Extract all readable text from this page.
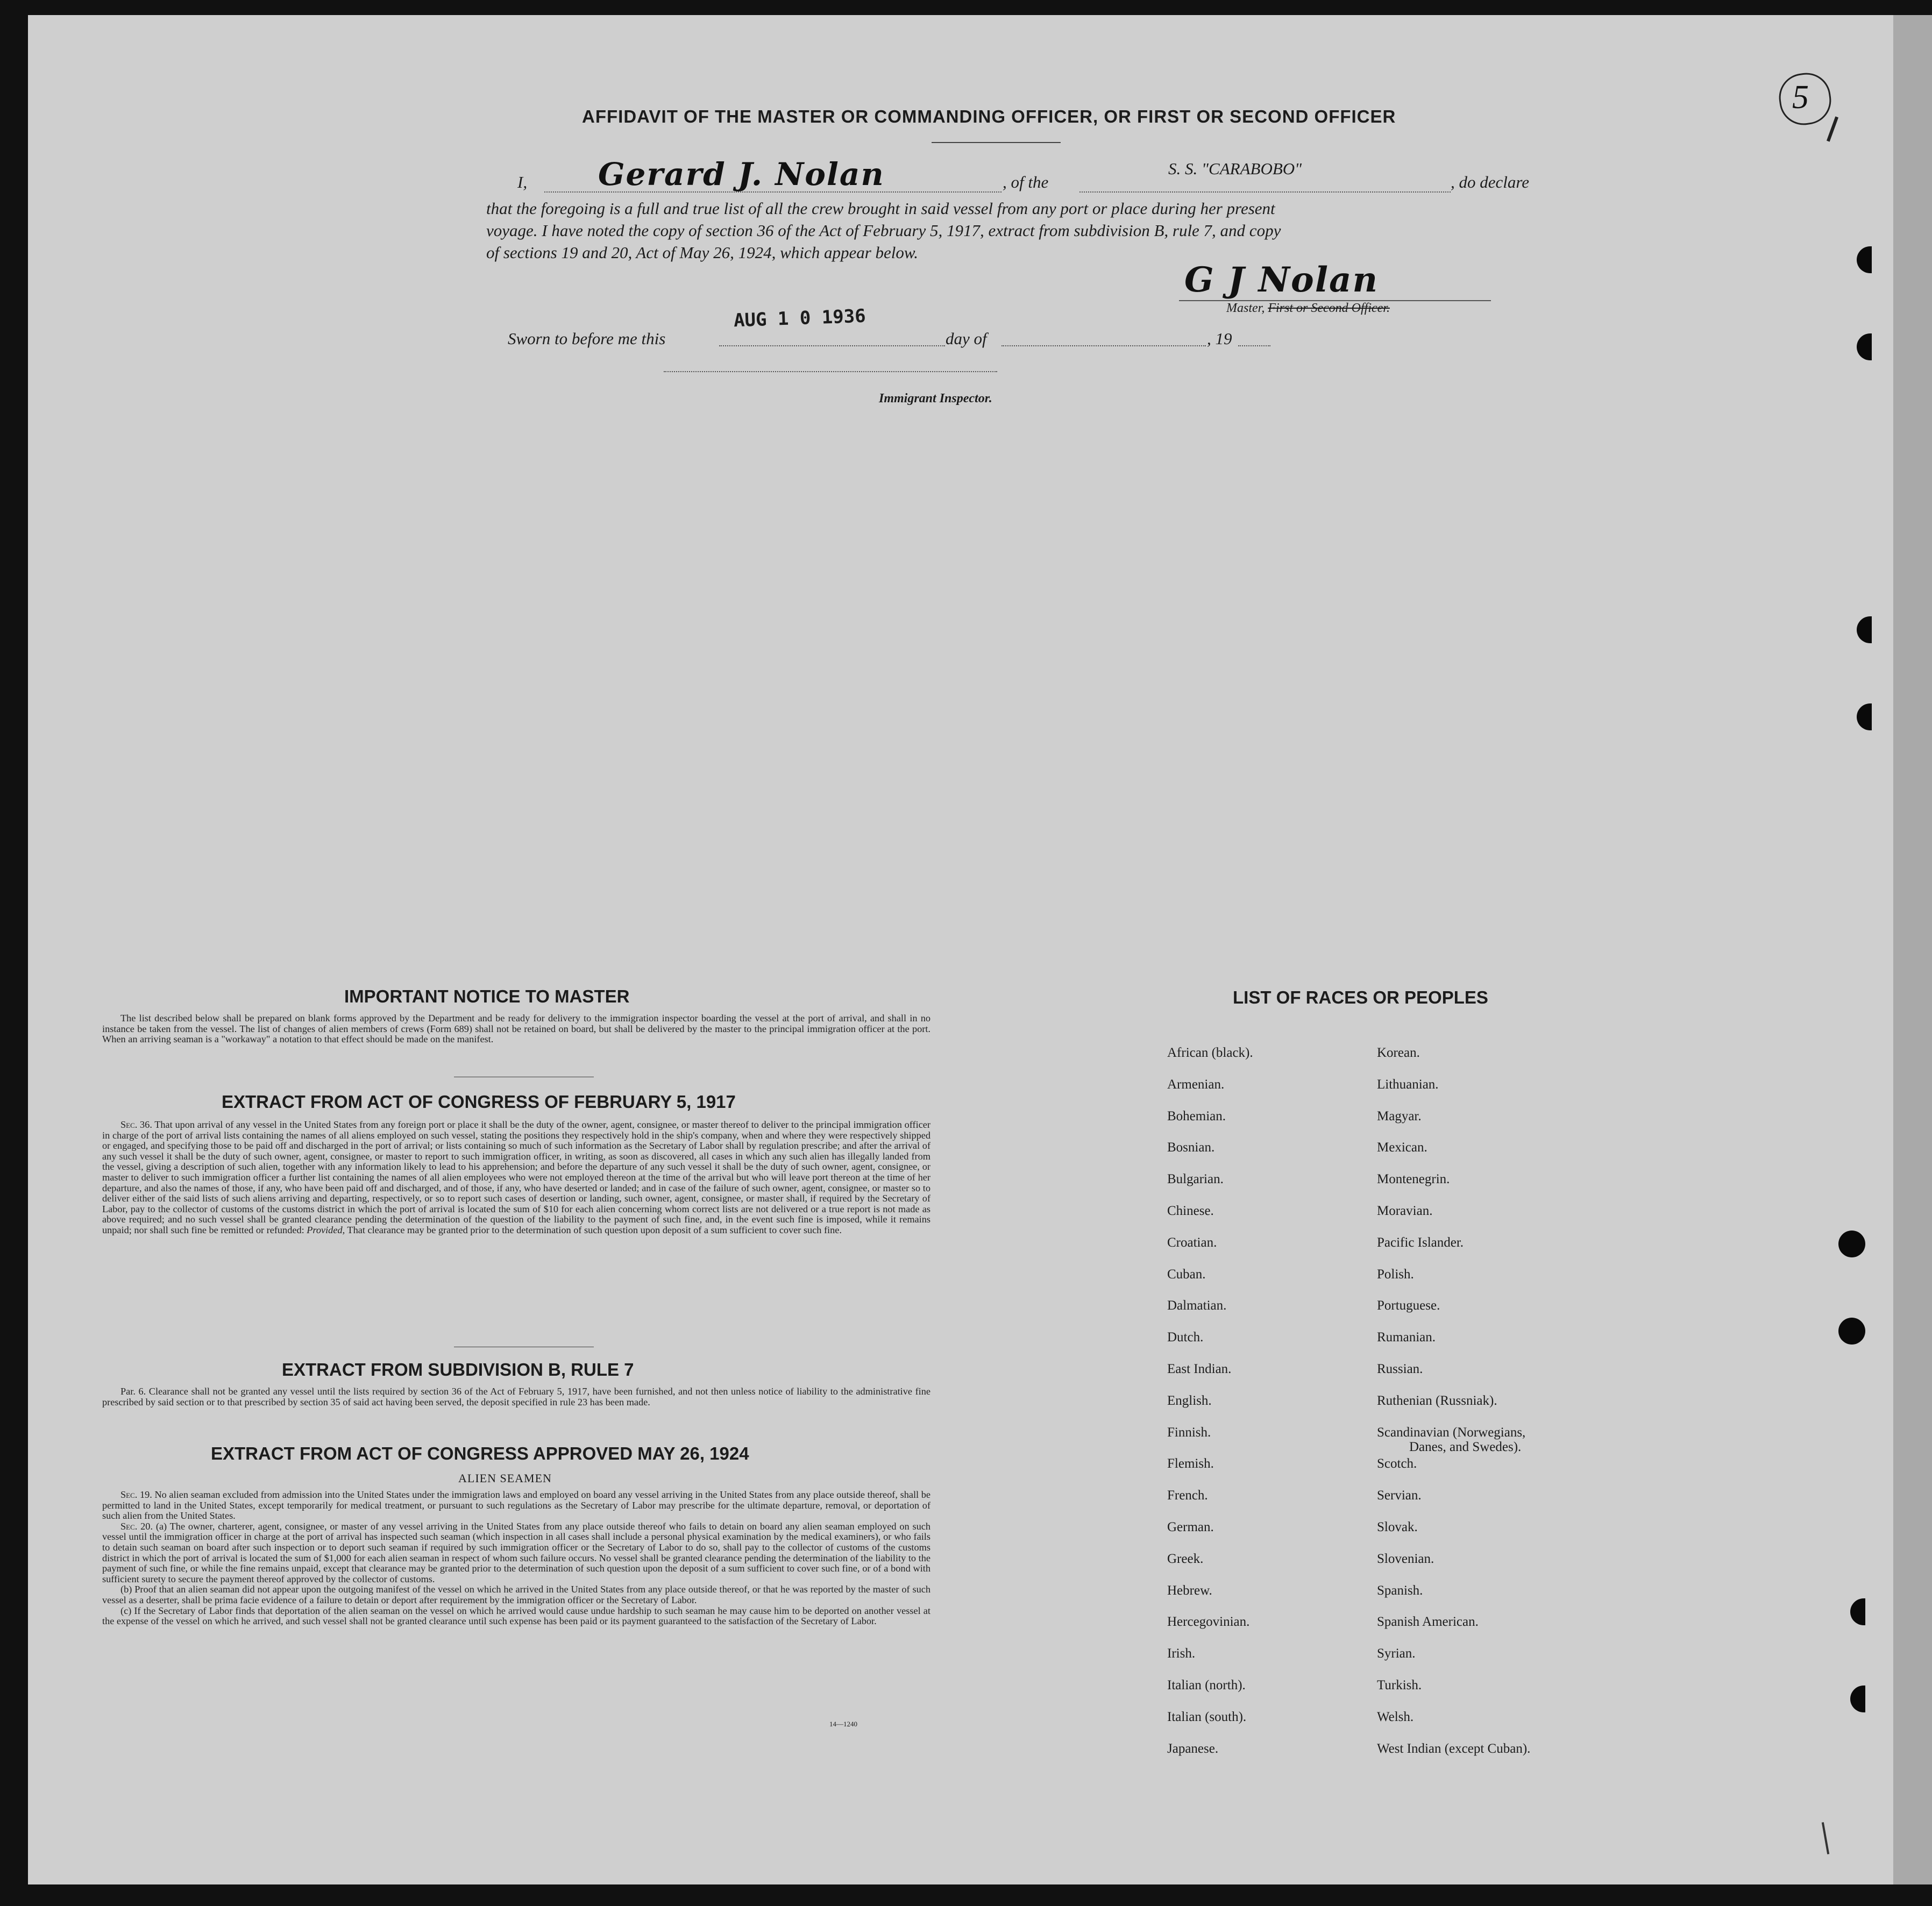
AFFIDAVIT OF THE MASTER OR COMMANDING OFFICER, OR FIRST OR SECOND OFFICER
I, Gerard J. Nolan	, of the
S. S. "CARABOBO"
, do declare
that the foregoing is a full and true list of all the crew brought in said vessel from any port or place during her present
voyage. I have noted the copy of section 36 of the Act of February 5, 1917, extract from subdivision B, rule 7, and copy
of sections 19 and 20, Act of May 26, 1924, which appear below.
G J Nolan
Master, First or Second Officer.
Sworn to before me this
AUG 1 0 1936
day of	, 19
Immigrant Inspector.
5
IMPORTANT NOTICE TO MASTER

The list described below shall be prepared on blank forms approved by the Department and be ready for delivery to the immigration inspector boarding the vessel at the port of arrival, and shall in no instance be taken from the vessel. The list of changes of alien members of crews (Form 689) shall not be retained on board, but shall be delivered by the master to the principal immigration officer at the port. When an arriving seaman is a "workaway" a notation to that effect should be made on the manifest.

EXTRACT FROM ACT OF CONGRESS OF FEBRUARY 5, 1917

Sec. 36. That upon arrival of any vessel in the United States from any foreign port or place it shall be the duty of the owner, agent, consignee, or master thereof to deliver to the principal immigration officer in charge of the port of arrival lists containing the names of all aliens employed on such vessel, stating the positions they respectively hold in the ship's company, when and where they were respectively shipped or engaged, and specifying those to be paid off and discharged in the port of arrival; or lists containing so much of such information as the Secretary of Labor shall by regulation prescribe; and after the arrival of any such vessel it shall be the duty of such owner, agent, consignee, or master to report to such immigration officer, in writing, as soon as discovered, all cases in which any such alien has illegally landed from the vessel, giving a description of such alien, together with any information likely to lead to his apprehension; and before the departure of any such vessel it shall be the duty of such owner, agent, consignee, or master to deliver to such immigration officer a further list containing the names of all alien employees who were not employed thereon at the time of the arrival but who will leave port thereon at the time of her departure, and also the names of those, if any, who have been paid off and discharged, and of those, if any, who have deserted or landed; and in case of the failure of such owner, agent, consignee, or master so to deliver either of the said lists of such aliens arriving and departing, respectively, or so to report such cases of desertion or landing, such owner, agent, consignee, or master shall, if required by the Secretary of Labor, pay to the collector of customs of the customs district in which the port of arrival is located the sum of $10 for each alien concerning whom correct lists are not delivered or a true report is not made as above required; and no such vessel shall be granted clearance pending the determination of the question of the liability to the payment of such fine, and, in the event such fine is imposed, while it remains unpaid; nor shall such fine be remitted or refunded: Provided, That clearance may be granted prior to the determination of such question upon deposit of a sum sufficient to cover such fine.

EXTRACT FROM SUBDIVISION B, RULE 7

Par. 6. Clearance shall not be granted any vessel until the lists required by section 36 of the Act of February 5, 1917, have been furnished, and not then unless notice of liability to the administrative fine prescribed by said section or to that prescribed by section 35 of said act having been served, the deposit specified in rule 23 has been made.

EXTRACT FROM ACT OF CONGRESS APPROVED MAY 26, 1924
ALIEN SEAMEN

Sec. 19. No alien seaman excluded from admission into the United States under the immigration laws and employed on board any vessel arriving in the United States from any place outside thereof, shall be permitted to land in the United States, except temporarily for medical treatment, or pursuant to such regulations as the Secretary of Labor may prescribe for the ultimate departure, removal, or deportation of such alien from the United States.

Sec. 20. (a) The owner, charterer, agent, consignee, or master of any vessel arriving in the United States from any place outside thereof who fails to detain on board any alien seaman employed on such vessel until the immigration officer in charge at the port of arrival has inspected such seaman (which inspection in all cases shall include a personal physical examination by the medical examiners), or who fails to detain such seaman on board after such inspection or to deport such seaman if required by such immigration officer or the Secretary of Labor to do so, shall pay to the collector of customs of the customs district in which the port of arrival is located the sum of $1,000 for each alien seaman in respect of whom such failure occurs. No vessel shall be granted clearance pending the determination of the liability to the payment of such fine, or while the fine remains unpaid, except that clearance may be granted prior to the determination of such question upon the deposit of a sum sufficient to cover such fine, or of a bond with sufficient surety to secure the payment thereof approved by the collector of customs.

(b) Proof that an alien seaman did not appear upon the outgoing manifest of the vessel on which he arrived in the United States from any place outside thereof, or that he was reported by the master of such vessel as a deserter, shall be prima facie evidence of a failure to detain or deport after requirement by the immigration officer or the Secretary of Labor.

(c) If the Secretary of Labor finds that deportation of the alien seaman on the vessel on which he arrived would cause undue hardship to such seaman he may cause him to be deported on another vessel at the expense of the vessel on which he arrived, and such vessel shall not be granted clearance until such expense has been paid or its payment guaranteed to the satisfaction of the Secretary of Labor.

14—1240
LIST OF RACES OR PEOPLES
African (black).
Armenian.
Bohemian.
Bosnian.
Bulgarian.
Chinese.
Croatian.
Cuban.
Dalmatian.
Dutch.
East Indian.
English.
Finnish.
Flemish.
French.
German.
Greek.
Hebrew.
Hercegovinian.
Irish.
Italian (north).
Italian (south).
Japanese.
Korean.
Lithuanian.
Magyar.
Mexican.
Montenegrin.
Moravian.
Pacific Islander.
Polish.
Portuguese.
Rumanian.
Russian.
Ruthenian (Russniak).
Scandinavian (Norwegians,
Danes, and Swedes).
Scotch.
Servian.
Slovak.
Slovenian.
Spanish.
Spanish American.
Syrian.
Turkish.
Welsh.
West Indian (except Cuban).
